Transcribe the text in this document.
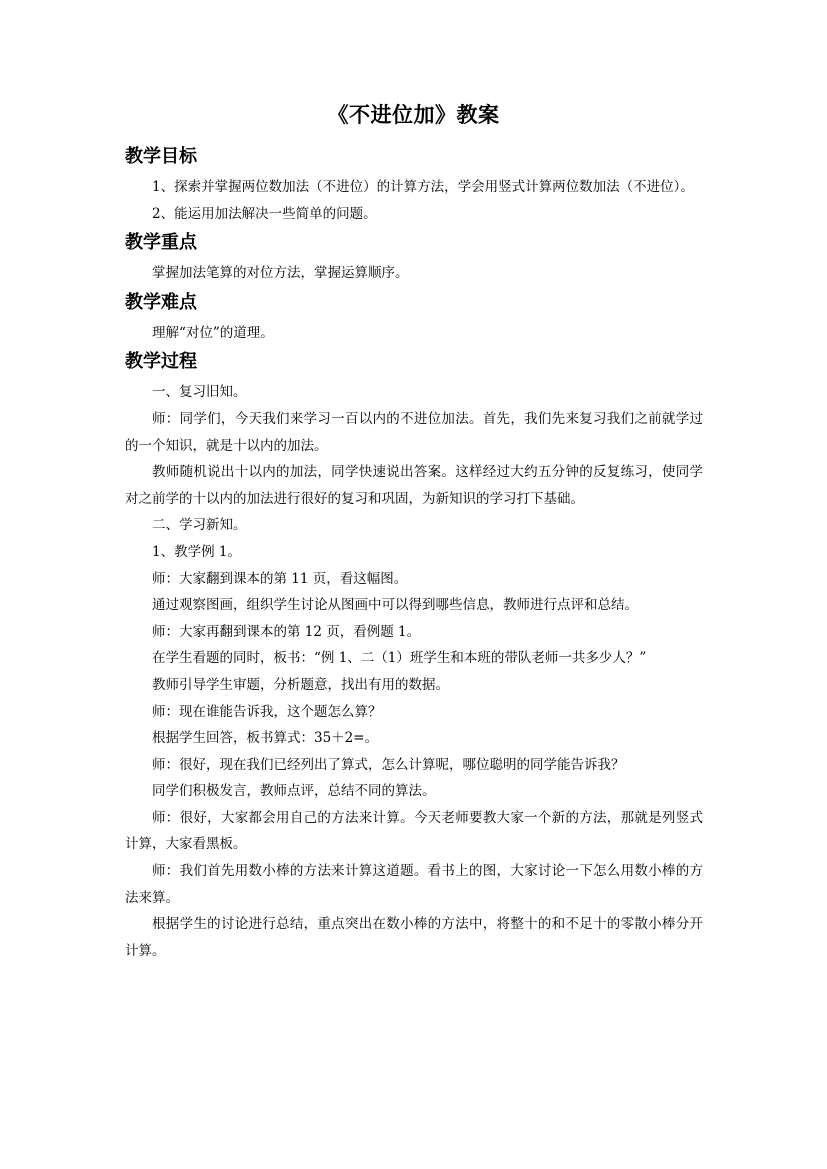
《不进位加》教案
教学目标

1、探索并掌握两位数加法（不进位）的计算方法，学会用竖式计算两位数加法（不进位）。

2、能运用加法解决一些简单的问题。

教学重点

掌握加法笔算的对位方法，掌握运算顺序。

教学难点

理解“对位”的道理。

教学过程

一、复习旧知。

师：同学们，今天我们来学习一百以内的不进位加法。首先，我们先来复习我们之前就学过的一个知识，就是十以内的加法。

教师随机说出十以内的加法，同学快速说出答案。这样经过大约五分钟的反复练习，使同学对之前学的十以内的加法进行很好的复习和巩固，为新知识的学习打下基础。

二、学习新知。

1、教学例 1。

师：大家翻到课本的第 11 页，看这幅图。

通过观察图画，组织学生讨论从图画中可以得到哪些信息，教师进行点评和总结。

师：大家再翻到课本的第 12 页，看例题 1。

在学生看题的同时，板书：“例 1、二（1）班学生和本班的带队老师一共多少人？”

教师引导学生审题，分析题意，找出有用的数据。

师：现在谁能告诉我，这个题怎么算？

根据学生回答，板书算式：35＋2=。

师：很好，现在我们已经列出了算式，怎么计算呢，哪位聪明的同学能告诉我？

同学们积极发言，教师点评，总结不同的算法。

师：很好，大家都会用自己的方法来计算。今天老师要教大家一个新的方法，那就是列竖式计算，大家看黑板。

师：我们首先用数小棒的方法来计算这道题。看书上的图，大家讨论一下怎么用数小棒的方法来算。

根据学生的讨论进行总结，重点突出在数小棒的方法中，将整十的和不足十的零散小棒分开计算。
